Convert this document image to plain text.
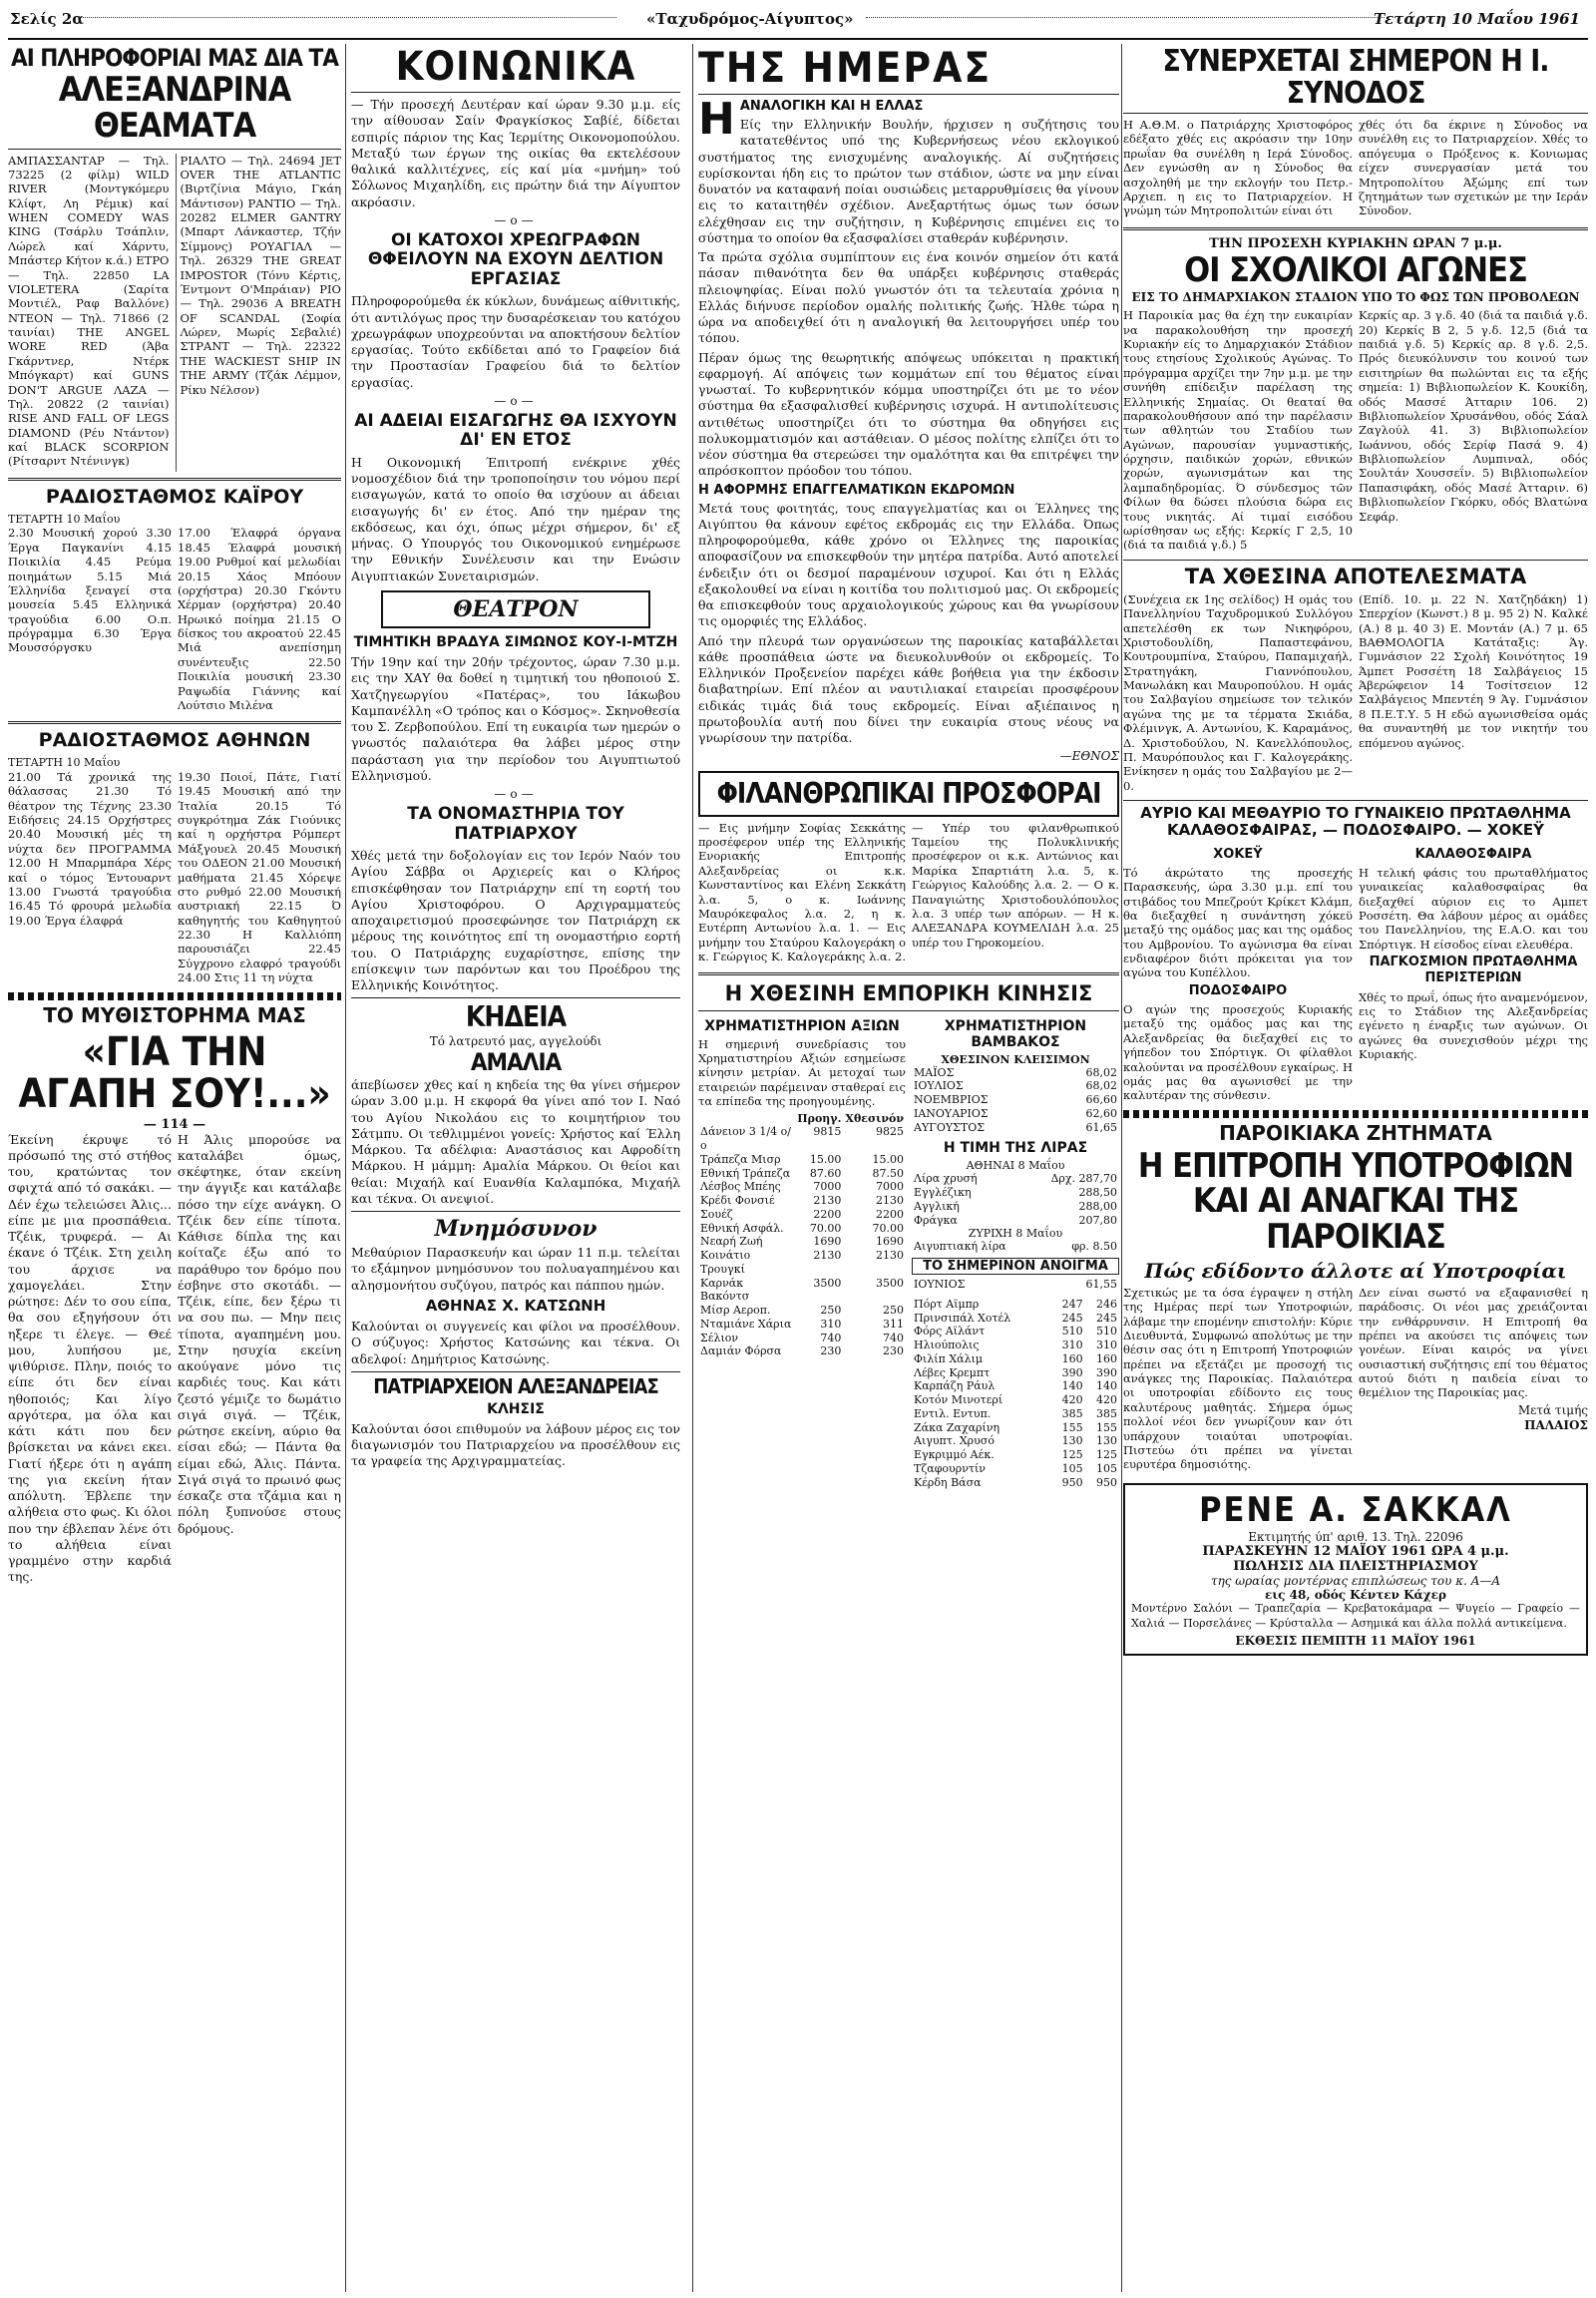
Σελίς 2α	«Ταχυδρόμος-Αίγυπτος»	Τετάρτη 10 Μαΐου 1961
ΑΙ ΠΛΗΡΟΦΟΡΙΑΙ ΜΑΣ ΔΙΑ ΤΑ
ΑΛΕΞΑΝΔΡΙΝΑ ΘΕΑΜΑΤΑ

ΑΜΠΑΣΣΑΝΤΑΡ — Τηλ. 73225 (2 φίλμ) WILD RIVER (Μοντγκόμερυ Κλίφτ, Λη Ρέμικ) καί WHEN COMEDY WAS KING (Τσάρλυ Τσάπλιν, Λώρελ καί Χάρντυ, Μπάστερ Κήτον κ.ά.) ΕΤΡΟ — Τηλ. 22850 LA VIOLETERA (Σαρίτα Μοντιέλ, Ραφ Βαλλόνε) ΝΤΕΟΝ — Τηλ. 71866 (2 ταινίαι) THE ANGEL WORE RED (Άβα Γκάρντνερ, Ντέρκ Μπόγκαρτ) καί GUNS DON'T ARGUE ΛΑΖΑ — Τηλ. 20822 (2 ταινίαι) RISE AND FALL OF LEGS DIAMOND (Ρέυ Ντάντον) καί BLACK SCORPION (Ρίτσαρντ Ντένινγκ)

ΡΙΑΛΤΟ — Τηλ. 24694 JET OVER THE ATLANTIC (Βιρτζίνια Μάγιο, Γκάη Μάντισον) ΡΑΝΤΙΟ — Τηλ. 20282 ELMER GANTRY (Μπαρτ Λάνκαστερ, Τζήν Σίμμονς) ΡΟΥΑΓΙΑΛ — Τηλ. 26329 THE GREAT IMPOSTOR (Τόνυ Κέρτις, Έντμοντ Ο'Μπράιαν) ΡΙΟ — Τηλ. 29036 A BREATH OF SCANDAL (Σοφία Λώρεν, Μωρίς Σεβαλιέ) ΣΤΡΑΝΤ — Τηλ. 22322 THE WACKIEST SHIP IN THE ARMY (Τζάκ Λέμμον, Ρίκυ Νέλσον)

ΡΑΔΙΟΣΤΑΘΜΟΣ ΚΑΪΡΟΥ
ΤΕΤΑΡΤΗ 10 Μαΐου

2.30 Μουσική χορού 3.30 Έργα Παγκανίνι 4.15 Ποικιλία 4.45 Ρεύμα ποιημάτων 5.15 Μιά Έλληνίδα ξεναγεί στα μουσεία 5.45 Ελληνικά τραγούδια 6.00 Ο.π. πρόγραμμα 6.30 Έργα Μουσσόργσκυ

17.00 Έλαφρά όργανα 18.45 Έλαφρά μουσική 19.00 Ρυθμοί καί μελωδίαι 20.15 Χάος Μπόουν (ορχήστρα) 20.30 Γκόντυ Χέρμαν (ορχήστρα) 20.40 Ηρωικό ποίημα 21.15 Ο δίσκος του ακροατού 22.45 Μιά ανεπίσημη συνέντευξις 22.50 Ποικιλία μουσική 23.30 Ραψωδία Γιάννης καί Λούτσιο Μιλένα

ΡΑΔΙΟΣΤΑΘΜΟΣ ΑΘΗΝΩΝ
ΤΕΤΑΡΤΗ 10 Μαΐου

21.00 Τά χρονικά της θάλασσας 21.30 Τό θέατρον της Τέχνης 23.30 Ειδήσεις 24.15 Ορχήστρες 20.40 Μουσική μές τη νύχτα δεν ΠΡΟΓΡΑΜΜΑ 12.00 Η Μπαρμπάρα Χέρς καί ο τόμος Έντουαρντ 13.00 Γνωστά τραγούδια 16.45 Τό φρουρά μελωδία 19.00 Έργα έλαφρά

19.30 Ποιοί, Πάτε, Γιατί 19.45 Μουσική από την Ίταλία 20.15 Τό συγκρότημα Ζάκ Γιούνικς καί η ορχήστρα Ρόμπερτ Μάξγουελ 20.45 Μουσική του ΟΔΕΟΝ 21.00 Μουσική μαθήματα 21.45 Χόρεψε στο ρυθμό 22.00 Μουσική αυστριακή 22.15 Ό καθηγητής του Καθηγητού 22.30 Η Καλλιόπη παρουσιάζει 22.45 Σύγχρονο ελαφρό τραγούδι 24.00 Στις 11 τη νύχτα

ΤΟ ΜΥΘΙΣΤΟΡΗΜΑ ΜΑΣ
«ΓΙΑ ΤΗΝ ΑΓΑΠΗ ΣΟΥ!...»
— 114 —

Έκείνη έκρυψε τό πρόσωπό της στό στήθος του, κρατώντας τον σφιχτά από τό σακάκι. — Δέν έχω τελειώσει Άλις... είπε με μια προσπάθεια. Τζέικ, τρυφερά. — Αι έκανε ό Τζέικ. Στη χειλη του άρχισε να χαμογελάει. Στην ρώτησε: Δέν το σου είπα, θα σου εξηγήσουν ότι ηξερε τι έλεγε. — Θεέ μου, λυπήσου με, ψιθύρισε. Πλην, ποιός το είπε ότι δεν είναι ηθοποιός; Και λίγο αργότερα, μα όλα και κάτι κάτι που δεν βρίσκεται να κάνει εκει. Γιατί ήξερε ότι η αγάπη της για εκείνη ήταν απόλυτη. Έβλεπε την αλήθεια στο φως. Κι όλοι που την έβλεπαν λένε ότι το αλήθεια είναι γραμμένο στην καρδιά της.

Η Άλις μπορούσε να καταλάβει όμως, σκέφτηκε, όταν εκείνη την άγγιξε και κατάλαβε πόσο την είχε ανάγκη. Ο Τζέικ δεν είπε τίποτα. Κάθισε δίπλα της και κοίταζε έξω από το παράθυρο τον δρόμο που έσβηνε στο σκοτάδι. — Τζέικ, είπε, δεν ξέρω τι να σου πω. — Μην πεις τίποτα, αγαπημένη μου. Στην ησυχία εκείνη ακούγανε μόνο τις καρδιές τους. Και κάτι ζεστό γέμιζε το δωμάτιο σιγά σιγά. — Τζέικ, ρώτησε εκείνη, αύριο θα είσαι εδώ; — Πάντα θα είμαι εδώ, Άλις. Πάντα. Σιγά σιγά το πρωινό φως έσκαζε στα τζάμια και η πόλη ξυπνούσε στους δρόμους.

ΚΟΙΝΩΝΙΚΑ

— Τήν προσεχή Δευτέραν καί ώραν 9.30 μ.μ. είς την αίθουσαν Σαίν Φραγκίσκος Σαβίέ, δίδεται εσπιρίς πάριον της Κας Ίερμίτης Οικονομοπούλου. Μεταξύ των έργων της οικίας θα εκτελέσουν θαλικά καλλιτέχνες, είς καί μία «μνήμη» τού Σόλωνος Μιχαηλίδη, εις πρώτην διά την Αίγυπτον ακρόασιν.

—ο—
ΟΙ ΚΑΤΟΧΟΙ ΧΡΕΩΓΡΑΦΩΝ ΘΦΕΙΛΟΥΝ ΝΑ ΕΧΟΥΝ ΔΕΛΤΙΟΝ ΕΡΓΑΣΙΑΣ

Πληροφορούμεθα έκ κύκλων, δυνάμεως αίθνιτικής, ότι αντιλόγως προς την δυσαρέσκειαν του κατόχου χρεωγράφων υποχρεούνται να αποκτήσουν δελτίον εργασίας. Τούτο εκδίδεται από το Γραφείον διά την Προστασίαν Γραφείου διά το δελτίον εργασίας.

—ο—
ΑΙ ΑΔΕΙΑΙ ΕΙΣΑΓΩΓΗΣ ΘΑ ΙΣΧΥΟΥΝ ΔΙ' ΕΝ ΕΤΟΣ

Η Οικονομική Έπιτροπή ενέκρινε χθές νομοσχέδιον διά την τροποποίησιν του νόμου περί εισαγωγών, κατά το οποίο θα ισχύουν αι άδειαι εισαγωγής δι' εν έτος. Από την ημέραν της εκδόσεως, και όχι, όπως μέχρι σήμερον, δι' εξ μήνας. Ο Υπουργός του Οικονομικού ενημέρωσε την Εθνικήν Συνέλευσιν και την Ενώσιν Αιγυπτιακών Συνεταιρισμών.

ΘΕΑΤΡΟΝ
ΤΙΜΗΤΙΚΗ ΒΡΑΔΥΑ ΣΙΜΩΝΟΣ ΚΟΥ-Ι-ΜΤΖΗ

Τήν 19ην καί την 20ήν τρέχοντος, ώραν 7.30 μ.μ. εις την ΧΑΥ θα δοθεί η τιμητική του ηθοποιού Σ. Χατζηγεωργίου «Πατέρας», του Ιάκωβου Καμπανέλλη «Ο τρόπος και ο Κόσμος». Σκηνοθεσία του Σ. Ζερβοπούλου. Επί τη ευκαιρία των ημερών ο γνωστός παλαιότερα θα λάβει μέρος στην παράσταση για την περίοδον του Αιγυπτιωτού Ελληνισμού.

—ο—
ΤΑ ΟΝΟΜΑΣΤΗΡΙΑ ΤΟΥ ΠΑΤΡΙΑΡΧΟΥ

Χθές μετά την δοξολογίαν εις τον Ιερόν Ναόν του Αγίου Σάββα οι Αρχιερείς και ο Κλήρος επισκέφθησαν τον Πατριάρχην επί τη εορτή του Αγίου Χριστοφόρου. Ο Αρχιγραμματεύς αποχαιρετισμού προσεφώνησε τον Πατριάρχη εκ μέρους της κοινότητος επί τη ονομαστήριο εορτή του. Ο Πατριάρχης ευχαρίστησε, επίσης την επίσκεψιν των παρόντων και του Προέδρου της Ελληνικής Κοινότητος.

ΚΗΔΕΙΑ
Τό λατρευτό μας, αγγελούδι
ΑΜΑΛΙΑ

άπεβίωσεν χθες καί η κηδεία της θα γίνει σήμερον ώραν 3.00 μ.μ. Η εκφορά θα γίνει από τον Ι. Ναό του Αγίου Νικολάου εις το κοιμητήριον του Σάτμπυ. Οι τεθλιμμένοι γονείς: Χρήστος καί Έλλη Μάρκου. Τα αδέλφια: Αναστάσιος και Αφροδίτη Μάρκου. Η μάμμη: Αμαλία Μάρκου. Οι θείοι και θείαι: Μιχαήλ καί Ευανθία Καλαμπόκα, Μιχαήλ και τέκνα. Οι ανεψιοί.

Μνημόσυνον

Μεθαύριον Παρασκευήν και ώραν 11 π.μ. τελείται το εξάμηνον μνημόσυνον του πολυαγαπημένου και αλησμονήτου συζύγου, πατρός και πάππου ημών.

ΑΘΗΝΑΣ Χ. ΚΑΤΣΩΝΗ

Καλούνται οι συγγενείς και φίλοι να προσέλθουν. Ο σύζυγος: Χρήστος Κατσώνης και τέκνα. Οι αδελφοί: Δημήτριος Κατσώνης.

ΠΑΤΡΙΑΡΧΕΙΟΝ ΑΛΕΞΑΝΔΡΕΙΑΣ
ΚΛΗΣΙΣ

Καλούνται όσοι επιθυμούν να λάβουν μέρος εις τον διαγωνισμόν του Πατριαρχείου να προσέλθουν εις τα γραφεία της Αρχιγραμματείας.

ΤΗΣ ΗΜΕΡΑΣ
Η ΑΝΑΛΟΓΙΚΗ ΚΑΙ Η ΕΛΛΑΣ

Είς την Ελληνικήν Βουλήν, ήρχισεν η συζήτησις του κατατεθέντος υπό της Κυβερνήσεως νέου εκλογικού συστήματος της ενισχυμένης αναλογικής. Αί συζητήσεις ευρίσκονται ήδη εις το πρώτον των στάδιον, ώστε να μην είναι δυνατόν να καταφανή ποίαι ουσιώδεις μεταρρυθμίσεις θα γίνουν εις το καταιτηθέν σχέδιον. Ανεξαρτήτως όμως των όσων ελέχθησαν εις την συζήτησιν, η Κυβέρνησις επιμένει εις το σύστημα το οποίον θα εξασφαλίσει σταθεράν κυβέρνησιν.

Τα πρώτα σχόλια συμπίπτουν εις ένα κοινόν σημείον ότι κατά πάσαν πιθανότητα δεν θα υπάρξει κυβέρνησις σταθεράς πλειοψηφίας. Είναι πολύ γνωστόν ότι τα τελευταία χρόνια η Ελλάς διήνυσε περίοδον ομαλής πολιτικής ζωής. Ήλθε τώρα η ώρα να αποδειχθεί ότι η αναλογική θα λειτουργήσει υπέρ του τόπου.

Πέραν όμως της θεωρητικής απόψεως υπόκειται η πρακτική εφαρμογή. Αί απόψεις των κομμάτων επί του θέματος είναι γνωσταί. Το κυβερνητικόν κόμμα υποστηρίζει ότι με το νέον σύστημα θα εξασφαλισθεί κυβέρνησις ισχυρά. Η αντιπολίτευσις αντιθέτως υποστηρίζει ότι το σύστημα θα οδηγήσει εις πολυκομματισμόν και αστάθειαν. Ο μέσος πολίτης ελπίζει ότι το νέον σύστημα θα στερεώσει την ομαλότητα και θα επιτρέψει την απρόσκοπτον πρόοδον του τόπου.

Η ΑΦΟΡΜΗΣ ΕΠΑΓΓΕΛΜΑΤΙΚΩΝ ΕΚΔΡΟΜΩΝ

Μετά τους φοιτητάς, τους επαγγελματίας και οι Έλληνες της Αιγύπτου θα κάνουν εφέτος εκδρομάς εις την Ελλάδα. Όπως πληροφορούμεθα, κάθε χρόνο οι Έλληνες της παροικίας αποφασίζουν να επισκεφθούν την μητέρα πατρίδα. Αυτό αποτελεί ένδειξιν ότι οι δεσμοί παραμένουν ισχυροί. Και ότι η Ελλάς εξακολουθεί να είναι η κοιτίδα του πολιτισμού μας. Οι εκδρομείς θα επισκεφθούν τους αρχαιολογικούς χώρους και θα γνωρίσουν τις ομορφιές της Ελλάδος.

Από την πλευρά των οργανώσεων της παροικίας καταβάλλεται κάθε προσπάθεια ώστε να διευκολυνθούν οι εκδρομείς. Το Ελληνικόν Προξενείον παρέχει κάθε βοήθεια για την έκδοσιν διαβατηρίων. Επί πλέον αι ναυτιλιακαί εταιρείαι προσφέρουν ειδικάς τιμάς διά τους εκδρομείς. Είναι αξιέπαινος η πρωτοβουλία αυτή που δίνει την ευκαιρία στους νέους να γνωρίσουν την πατρίδα.

—ΕΘΝΟΣ
ΦΙΛΑΝΘΡΩΠΙΚΑΙ ΠΡΟΣΦΟΡΑΙ

— Εις μνήμην Σοφίας Σεκκάτης προσέφερον υπέρ της Ελληνικής Ενοριακής Επιτροπής Αλεξανδρείας οι κ.κ. Κωνσταντίνος και Ελένη Σεκκάτη λ.α. 5, ο κ. Ιωάννης Μαυρόκεφαλος λ.α. 2, η κ. Ευτέρπη Αντωνίου λ.α. 1. — Εις μνήμην του Σταύρου Καλογεράκη ο κ. Γεώργιος Κ. Καλογεράκης λ.α. 2.

— Υπέρ του φιλανθρωπικού Ταμείου της Πολυκλινικής προσέφερον οι κ.κ. Αντώνιος και Μαρίκα Σπαρτιάτη λ.α. 5, κ. Γεώργιος Καλούδης λ.α. 2. — Ο κ. Παναγιώτης Χριστοδουλόπουλος λ.α. 3 υπέρ των απόρων. — Η κ. ΑΛΕΞΑΝΔΡΑ ΚΟΥΜΕΛΙΔΗ λ.α. 25 υπέρ του Γηροκομείου.

Η ΧΘΕΣΙΝΗ ΕΜΠΟΡΙΚΗ ΚΙΝΗΣΙΣ
ΧΡΗΜΑΤΙΣΤΗΡΙΟΝ ΑΞΙΩΝ

Η σημερινή συνεδρίασις του Χρηματιστηρίου Αξιών εσημείωσε κίνησιν μετρίαν. Αι μετοχαί των εταιρειών παρέμειναν σταθεραί εις τα επίπεδα της προηγουμένης.

	Προηγ.	Χθεσινόν
Δάνειον 3 1/4 ο/ο	9815	9825
Τράπεζα Μισρ	15.00	15.00
Εθνική Τράπεζα	87.60	87.50
Λέσβος Μπέης	7000	7000
Κρέδι Φονσιέ	2130	2130
Σουέζ	2200	2200
Εθνική Ασφάλ.	70.00	70.00
Νεαρή Ζωή	1690	1690
Κοινάτιο Τρουγκί	2130	2130
Καρνάκ Βακόντσ	3500	3500
Μίσρ Αεροπ.	250	250
Νταμιάνε Χάρια	310	311
Σέλιον	740	740
Δαμιάν Φόρσα	230	230
ΧΡΗΜΑΤΙΣΤΗΡΙΟΝ ΒΑΜΒΑΚΟΣ
ΧΘΕΣΙΝΟΝ ΚΛΕΙΣΙΜΟΝ
ΜΑΪΟΣ	68,02
ΙΟΥΛΙΟΣ	68,02
ΝΟΕΜΒΡΙΟΣ	66,60
ΙΑΝΟΥΑΡΙΟΣ	62,60
ΑΥΓΟΥΣΤΟΣ	61,65
Η ΤΙΜΗ ΤΗΣ ΛΙΡΑΣ
ΑΘΗΝΑΙ 8 Μαΐου
Λίρα χρυσή	Δρχ. 287,70
Εγγλέζικη	288,50
Αγγλική	288,00
Φράγκα	207,80
ΖΥΡΙΧΗ 8 Μαΐου
Αιγυπτιακή λίρα	φρ. 8.50
ΤΟ ΣΗΜΕΡΙΝΟΝ ΑΝΟΙΓΜΑ
ΙΟΥΝΙΟΣ	61,55
Πόρτ Αϊμπρ	247	246
Πρινσιπάλ Χοτέλ	245	245
Φόρς Αϊλάντ	510	510
Ηλιούπολις	310	310
Φιλίπ Χάλιμ	160	160
Λέβες Κρεμπτ	390	390
Καρπάζη Ράυλ	140	140
Κοτόν Μινοτερί	420	420
Εντιλ. Εντυπ.	385	385
Ζάκα Ζαχαρίνη	155	155
Αιγυπτ. Χρυσό	130	130
Εγκριμμό Αέκ.	125	125
Τζαφουρντίν	105	105
Κέρδη Βάσα	950	950
ΣΥΝΕΡΧΕΤΑΙ ΣΗΜΕΡΟΝ Η Ι. ΣΥΝΟΔΟΣ

Η Α.Θ.Μ. ο Πατριάρχης Χριστοφόρος εδέξατο χθές εις ακρόασιν την 10ην πρωΐαν θα συνέλθη η Ιερά Σύνοδος. Δεν εγνώσθη αν η Σύνοδος θα ασχοληθή με την εκλογήν του Πετρ.-Αρχιεπ. η εις το Πατριαρχείον. Η γνώμη τών Μητροπολιτών είναι ότι

χθές ότι δα έκρινε η Σύνοδος να συνέλθη εις το Πατριαρχείον. Χθές το απόγευμα ο Πρόξενος κ. Κονιωμας είχεν συνεργασίαν μετά του Μητροπολίτου Άξώμης επί των ζητημάτων των σχετικών με την Ιεράν Σύνοδον.

ΤΗΝ ΠΡΟΣΕΧΗ ΚΥΡΙΑΚΗΝ ΩΡΑΝ 7 μ.μ.
ΟΙ ΣΧΟΛΙΚΟΙ ΑΓΩΝΕΣ
ΕΙΣ ΤΟ ΔΗΜΑΡΧΙΑΚΟΝ ΣΤΑΔΙΟΝ ΥΠΟ ΤΟ ΦΩΣ ΤΩΝ ΠΡΟΒΟΛΕΩΝ

Η Παροικία μας θα έχη την ευκαιρίαν να παρακολουθήση την προσεχή Κυριακήν είς το Δημαρχιακόν Στάδιον τους ετησίους Σχολικούς Αγώνας. Το πρόγραμμα αρχίζει την 7ην μ.μ. με την συνήθη επίδειξιν παρέλαση της Ελληνικής Σημαίας. Οι θεαταί θα παρακολουθήσουν από την παρέλασιν των αθλητών του Σταδίου των Αγώνων, παρουσίαν γυμναστικής, όρχησιν, παιδικών χορών, εθνικών χορών, αγωνισμάτων και της λαμπαδηδρομίας. Ό σύνδεσμος τῶν Φίλων θα δώσει πλούσια δώρα εις τους νικητάς. Αί τιμαί εισόδου ωρίσθησαν ως εξής: Κερκίς Γ 2,5, 10 (διά τα παιδιά γ.δ.) 5

Κερκίς αρ. 3 γ.δ. 40 (διά τα παιδιά γ.δ. 20) Κερκίς Β 2, 5 γ.δ. 12,5 (διά τα παιδιά γ.δ. 5) Κερκίς αρ. 8 γ.δ. 2,5. Πρός διευκόλυνσιν του κοινού των εισιτηρίων θα πωλώνται εις τα εξής σημεία: 1) Βιβλιοπωλείον Κ. Κουκίδη, οδός Μασσέ Άτταριν 106. 2) Βιβλιοπωλείον Χρυσάνθου, οδός Σάαλ Ζαγλούλ 41. 3) Βιβλιοπωλείον Ιωάννου, οδός Σερίφ Πασά 9. 4) Βιβλιοπωλείον Λυμπιναλ, οδός Σουλτάν Χουσσεΐν. 5) Βιβλιοπωλείον Παπασιφάκη, οδός Μασέ Άτταριν. 6) Βιβλιοπωλείον Γκόρκυ, οδός Βλατώνα Σεφάρ.

ΤΑ ΧΘΕΣΙΝΑ ΑΠΟΤΕΛΕΣΜΑΤΑ

(Συνέχεια εκ 1ης σελίδος) Η ομάς του Πανελληνίου Ταχυδρομικού Συλλόγου απετελέσθη εκ των Νικηφόρου, Χριστοδουλίδη, Παπαστεφάνου, Κουτρουμπίνα, Σταύρου, Παπαμιχαήλ, Στρατηγάκη, Γιαννόπουλου, Μανωλάκη και Μαυροπούλου. Η ομάς του Σαλβαγίου σημείωσε τον τελικόν αγώνα της με τα τέρματα Σκιάδα, Φλέμινγκ, Α. Αντωνίου, Κ. Καραμάνος, Δ. Χριστοδούλου, Ν. Κανελλόπουλος, Π. Μαυρόπουλος και Γ. Καλογεράκης. Ενίκησεν η ομάς του Σαλβαγίου με 2—0.

(Επίδ. 10. μ. 22 Ν. Χατζηδάκη) 1) Σπερχίον (Κωνστ.) 8 μ. 95 2) Ν. Καλκέ (Α.) 8 μ. 40 3) Ε. Μοντάν (Α.) 7 μ. 65 ΒΑΘΜΟΛΟΓΙΑ Κατάταξις: Άγ. Γυμνάσιον 22 Σχολή Κοινότητος 19 Άμπετ Ροσσέτη 18 Σαλβάγειος 15 Άβερώφειον 14 Τοσίτσειον 12 Σαλβάγειος Μπεντέη 9 Άγ. Γυμνάσιον 8 Π.Ε.Τ.Υ. 5 Η εδώ αγωνισθείσα ομάς θα συναντηθή με τον νικητήν του επόμενου αγώνος.

ΑΥΡΙΟ ΚΑΙ ΜΕΘΑΥΡΙΟ ΤΟ ΓΥΝΑΙΚΕΙΟ ΠΡΩΤΑΘΛΗΜΑ ΚΑΛΑΘΟΣΦΑΙΡΑΣ, — ΠΟΔΟΣΦΑΙΡΟ. — ΧΟΚΕΫ
ΧΟΚΕΫ

Τό άκρώτατο της προσεχής Παρασκευής, ώρα 3.30 μ.μ. επί του στιβάδος του Μπεζρούτ Κρίκετ Κλάμπ, θα διεξαχθεί η συνάντηση χόκεϋ μεταξύ της ομάδος μας και της ομάδος του Αμβρονίου. Το αγώνισμα θα είναι ενδιαφέρον διότι πρόκειται για τον αγώνα του Κυπέλλου.

ΠΟΔΟΣΦΑΙΡΟ

Ο αγών της προσεχούς Κυριακής μεταξύ της ομάδος μας και της Αλεξανδρείας θα διεξαχθεί εις το γήπεδον του Σπόρτιγκ. Οι φίλαθλοι καλούνται να προσέλθουν εγκαίρως. Η ομάς μας θα αγωνισθεί με την καλυτέραν της σύνθεσιν.

ΚΑΛΑΘΟΣΦΑΙΡΑ

Η τελική φάσις του πρωταθλήματος γυναικείας καλαθοσφαίρας θα διεξαχθεί αύριον εις το Αμπετ Ροσσέτη. Θα λάβουν μέρος αι ομάδες του Πανελληνίου, της Ε.Α.Ο. και του Σπόρτιγκ. Η είσοδος είναι ελευθέρα.

ΠΑΓΚΟΣΜΙΟΝ ΠΡΩΤΑΘΛΗΜΑ ΠΕΡΙΣΤΕΡΙΩΝ

Χθές το πρωΐ, όπως ήτο αναμενόμενον, εις το Στάδιον της Αλεξανδρείας εγένετο η έναρξις των αγώνων. Οι αγώνες θα συνεχισθούν μέχρι της Κυριακής.

ΠΑΡΟΙΚΙΑΚΑ ΖΗΤΗΜΑΤΑ
Η ΕΠΙΤΡΟΠΗ ΥΠΟΤΡΟΦΙΩΝ ΚΑΙ ΑΙ ΑΝΑΓΚΑΙ ΤΗΣ ΠΑΡΟΙΚΙΑΣ
Πώς εδίδοντο άλλοτε αί Υποτροφίαι

Σχετικώς με τα όσα έγραψεν η στήλη της Ημέρας περί των Υποτροφιών, λάβαμε την επομένην επιστολήν: Κύριε Διευθυντά, Συμφωνώ απολύτως με την θέσιν σας ότι η Επιτροπή Υποτροφιών πρέπει να εξετάζει με προσοχή τις ανάγκες της Παροικίας. Παλαιότερα οι υποτροφίαι εδίδοντο εις τους καλυτέρους μαθητάς. Σήμερα όμως πολλοί νέοι δεν γνωρίζουν καν ότι υπάρχουν τοιαύται υποτροφίαι. Πιστεύω ότι πρέπει να γίνεται ευρυτέρα δημοσιότης.

Δεν είναι σωστό να εξαφανισθεί η παράδοσις. Οι νέοι μας χρειάζονται την ενθάρρυνσιν. Η Επιτροπή θα πρέπει να ακούσει τις απόψεις των γονέων. Είναι καιρός να γίνει ουσιαστική συζήτησις επί του θέματος αυτού διότι η παιδεία είναι το θεμέλιον της Παροικίας μας.

Μετά τιμής
ΠΑΛΑΙΟΣ
ΡΕΝΕ Α. ΣΑΚΚΑΛ
Εκτιμητής ύπ' αριθ. 13. Τηλ. 22096
ΠΑΡΑΣΚΕΥΗΝ 12 ΜΑΪΟΥ 1961 ΩΡΑ 4 μ.μ.
ΠΩΛΗΣΙΣ ΔΙΑ ΠΛΕΙΣΤΗΡΙΑΣΜΟΥ
της ωραίας μοντέρνας επιπλώσεως του κ. Α—Α
εις 48, οδός Κέντεν Κάχερ

Μοντέρνο Σαλόνι — Τραπεζαρία — Κρεβατοκάμαρα — Ψυγείο — Γραφείο — Χαλιά — Πορσελάνες — Κρύσταλλα — Ασημικά και άλλα πολλά αντικείμενα.

ΕΚΘΕΣΙΣ ΠΕΜΠΤΗ 11 ΜΑΪΟΥ 1961
